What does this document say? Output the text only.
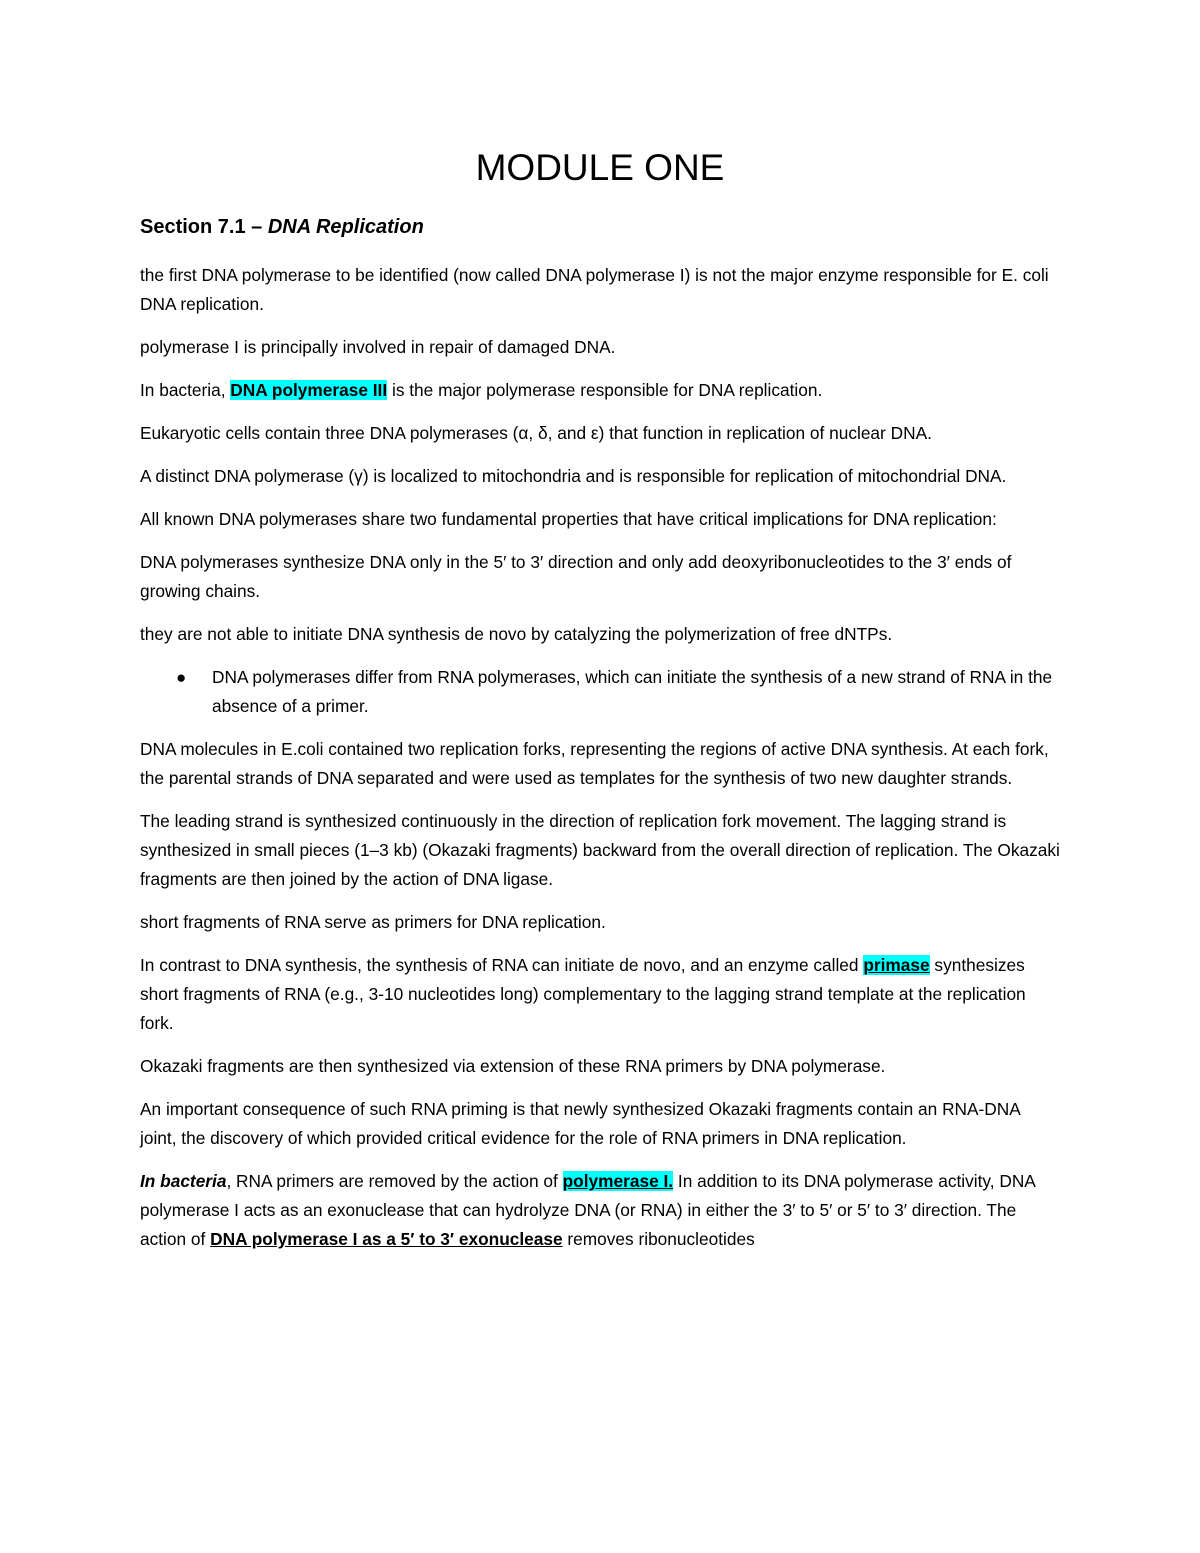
MODULE ONE
Section 7.1 – DNA Replication

the first DNA polymerase to be identified (now called DNA polymerase I) is not the major enzyme responsible for E. coli DNA replication.

polymerase I is principally involved in repair of damaged DNA.

In bacteria, DNA polymerase III is the major polymerase responsible for DNA replication.

Eukaryotic cells contain three DNA polymerases (α, δ, and ε) that function in replication of nuclear DNA.

A distinct DNA polymerase (γ) is localized to mitochondria and is responsible for replication of mitochondrial DNA.

All known DNA polymerases share two fundamental properties that have critical implications for DNA replication:

DNA polymerases synthesize DNA only in the 5′ to 3′ direction and only add deoxyribonucleotides to the 3′ ends of growing chains.

they are not able to initiate DNA synthesis de novo by catalyzing the polymerization of free dNTPs.

● DNA polymerases differ from RNA polymerases, which can initiate the synthesis of a new strand of RNA in the absence of a primer.

DNA molecules in E.coli contained two replication forks, representing the regions of active DNA synthesis. At each fork, the parental strands of DNA separated and were used as templates for the synthesis of two new daughter strands.

The leading strand is synthesized continuously in the direction of replication fork movement. The lagging strand is synthesized in small pieces (1–3 kb) (Okazaki fragments) backward from the overall direction of replication. The Okazaki fragments are then joined by the action of DNA ligase.

short fragments of RNA serve as primers for DNA replication.

In contrast to DNA synthesis, the synthesis of RNA can initiate de novo, and an enzyme called primase synthesizes short fragments of RNA (e.g., 3-10 nucleotides long) complementary to the lagging strand template at the replication fork.

Okazaki fragments are then synthesized via extension of these RNA primers by DNA polymerase.

An important consequence of such RNA priming is that newly synthesized Okazaki fragments contain an RNA-DNA joint, the discovery of which provided critical evidence for the role of RNA primers in DNA replication.

In bacteria, RNA primers are removed by the action of polymerase I. In addition to its DNA polymerase activity, DNA polymerase I acts as an exonuclease that can hydrolyze DNA (or RNA) in either the 3′ to 5′ or 5′ to 3′ direction. The action of DNA polymerase I as a 5′ to 3′ exonuclease removes ribonucleotides
